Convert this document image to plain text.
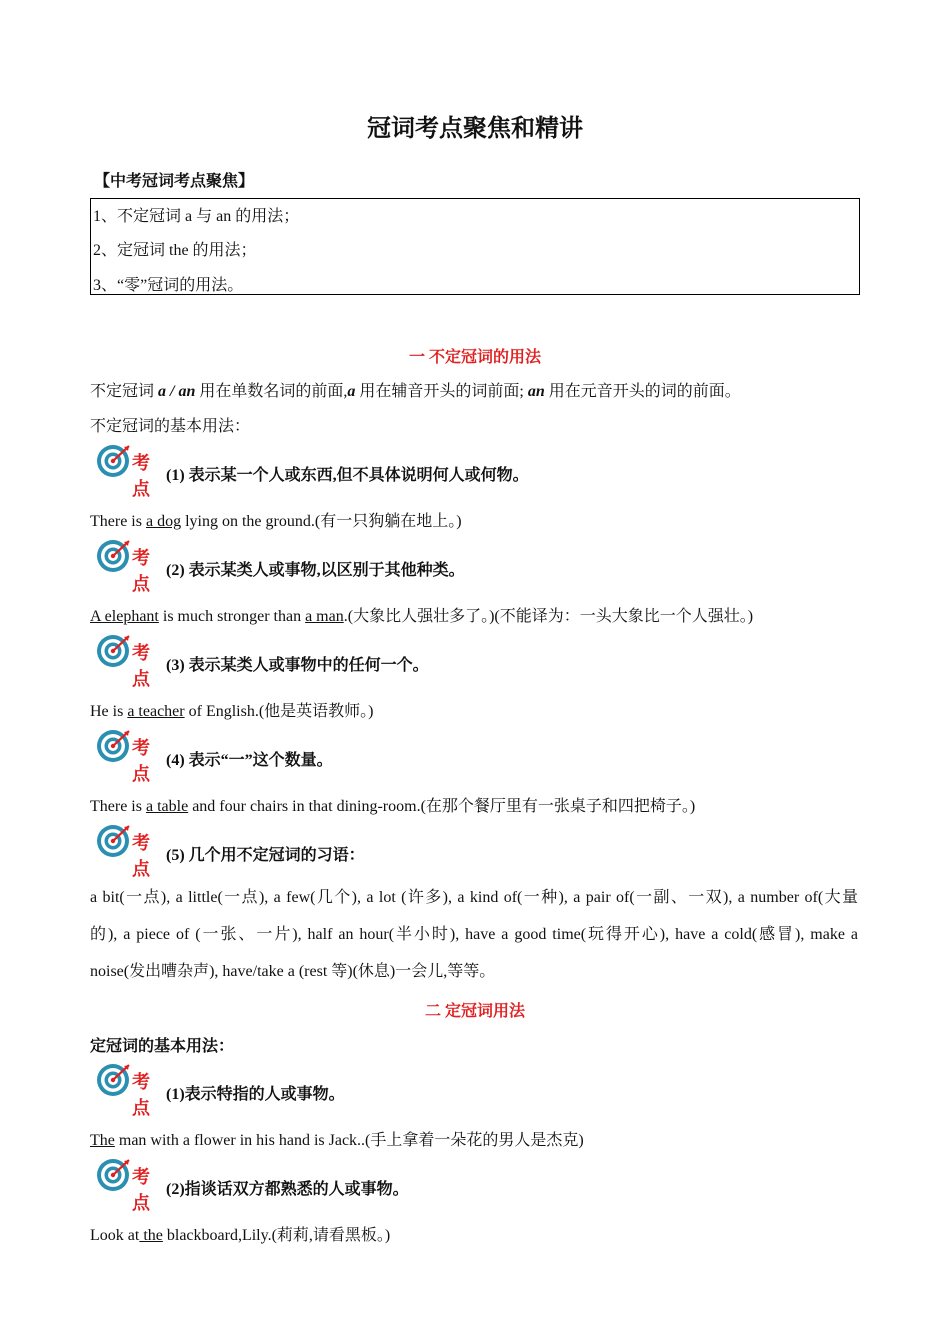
冠词考点聚焦和精讲
【中考冠词考点聚焦】
1、不定冠词 a 与 an 的用法；
2、定冠词 the 的用法；
3、“零”冠词的用法。
一 不定冠词的用法
不定冠词 a / an 用在单数名词的前面,a 用在辅音开头的词前面; an 用在元音开头的词的前面。
不定冠词的基本用法：
考点
(1) 表示某一个人或东西,但不具体说明何人或何物。
There is a dog lying on the ground.(有一只狗躺在地上。)
考点
(2) 表示某类人或事物,以区别于其他种类。
A elephant is much stronger than a man.(大象比人强壮多了。)(不能译为：一头大象比一个人强壮。)
考点
(3) 表示某类人或事物中的任何一个。
He is a teacher of English.(他是英语教师。)
考点
(4) 表示“一”这个数量。
There is a table and four chairs in that dining-room.(在那个餐厅里有一张桌子和四把椅子。)
考点
(5) 几个用不定冠词的习语：
a bit(一点), a little(一点), a few(几个), a lot (许多), a kind of(一种), a pair of(一副、一双), a number of(大量
的), a piece of (一张、一片), half an hour(半小时), have a good time(玩得开心), have a cold(感冒), make a
noise(发出嘈杂声), have/take a (rest 等)(休息)一会儿,等等。
二 定冠词用法
定冠词的基本用法：
考点
(1)表示特指的人或事物。
The man with a flower in his hand is Jack..(手上拿着一朵花的男人是杰克)
考点
(2)指谈话双方都熟悉的人或事物。
Look at the blackboard,Lily.(莉莉,请看黑板。)
